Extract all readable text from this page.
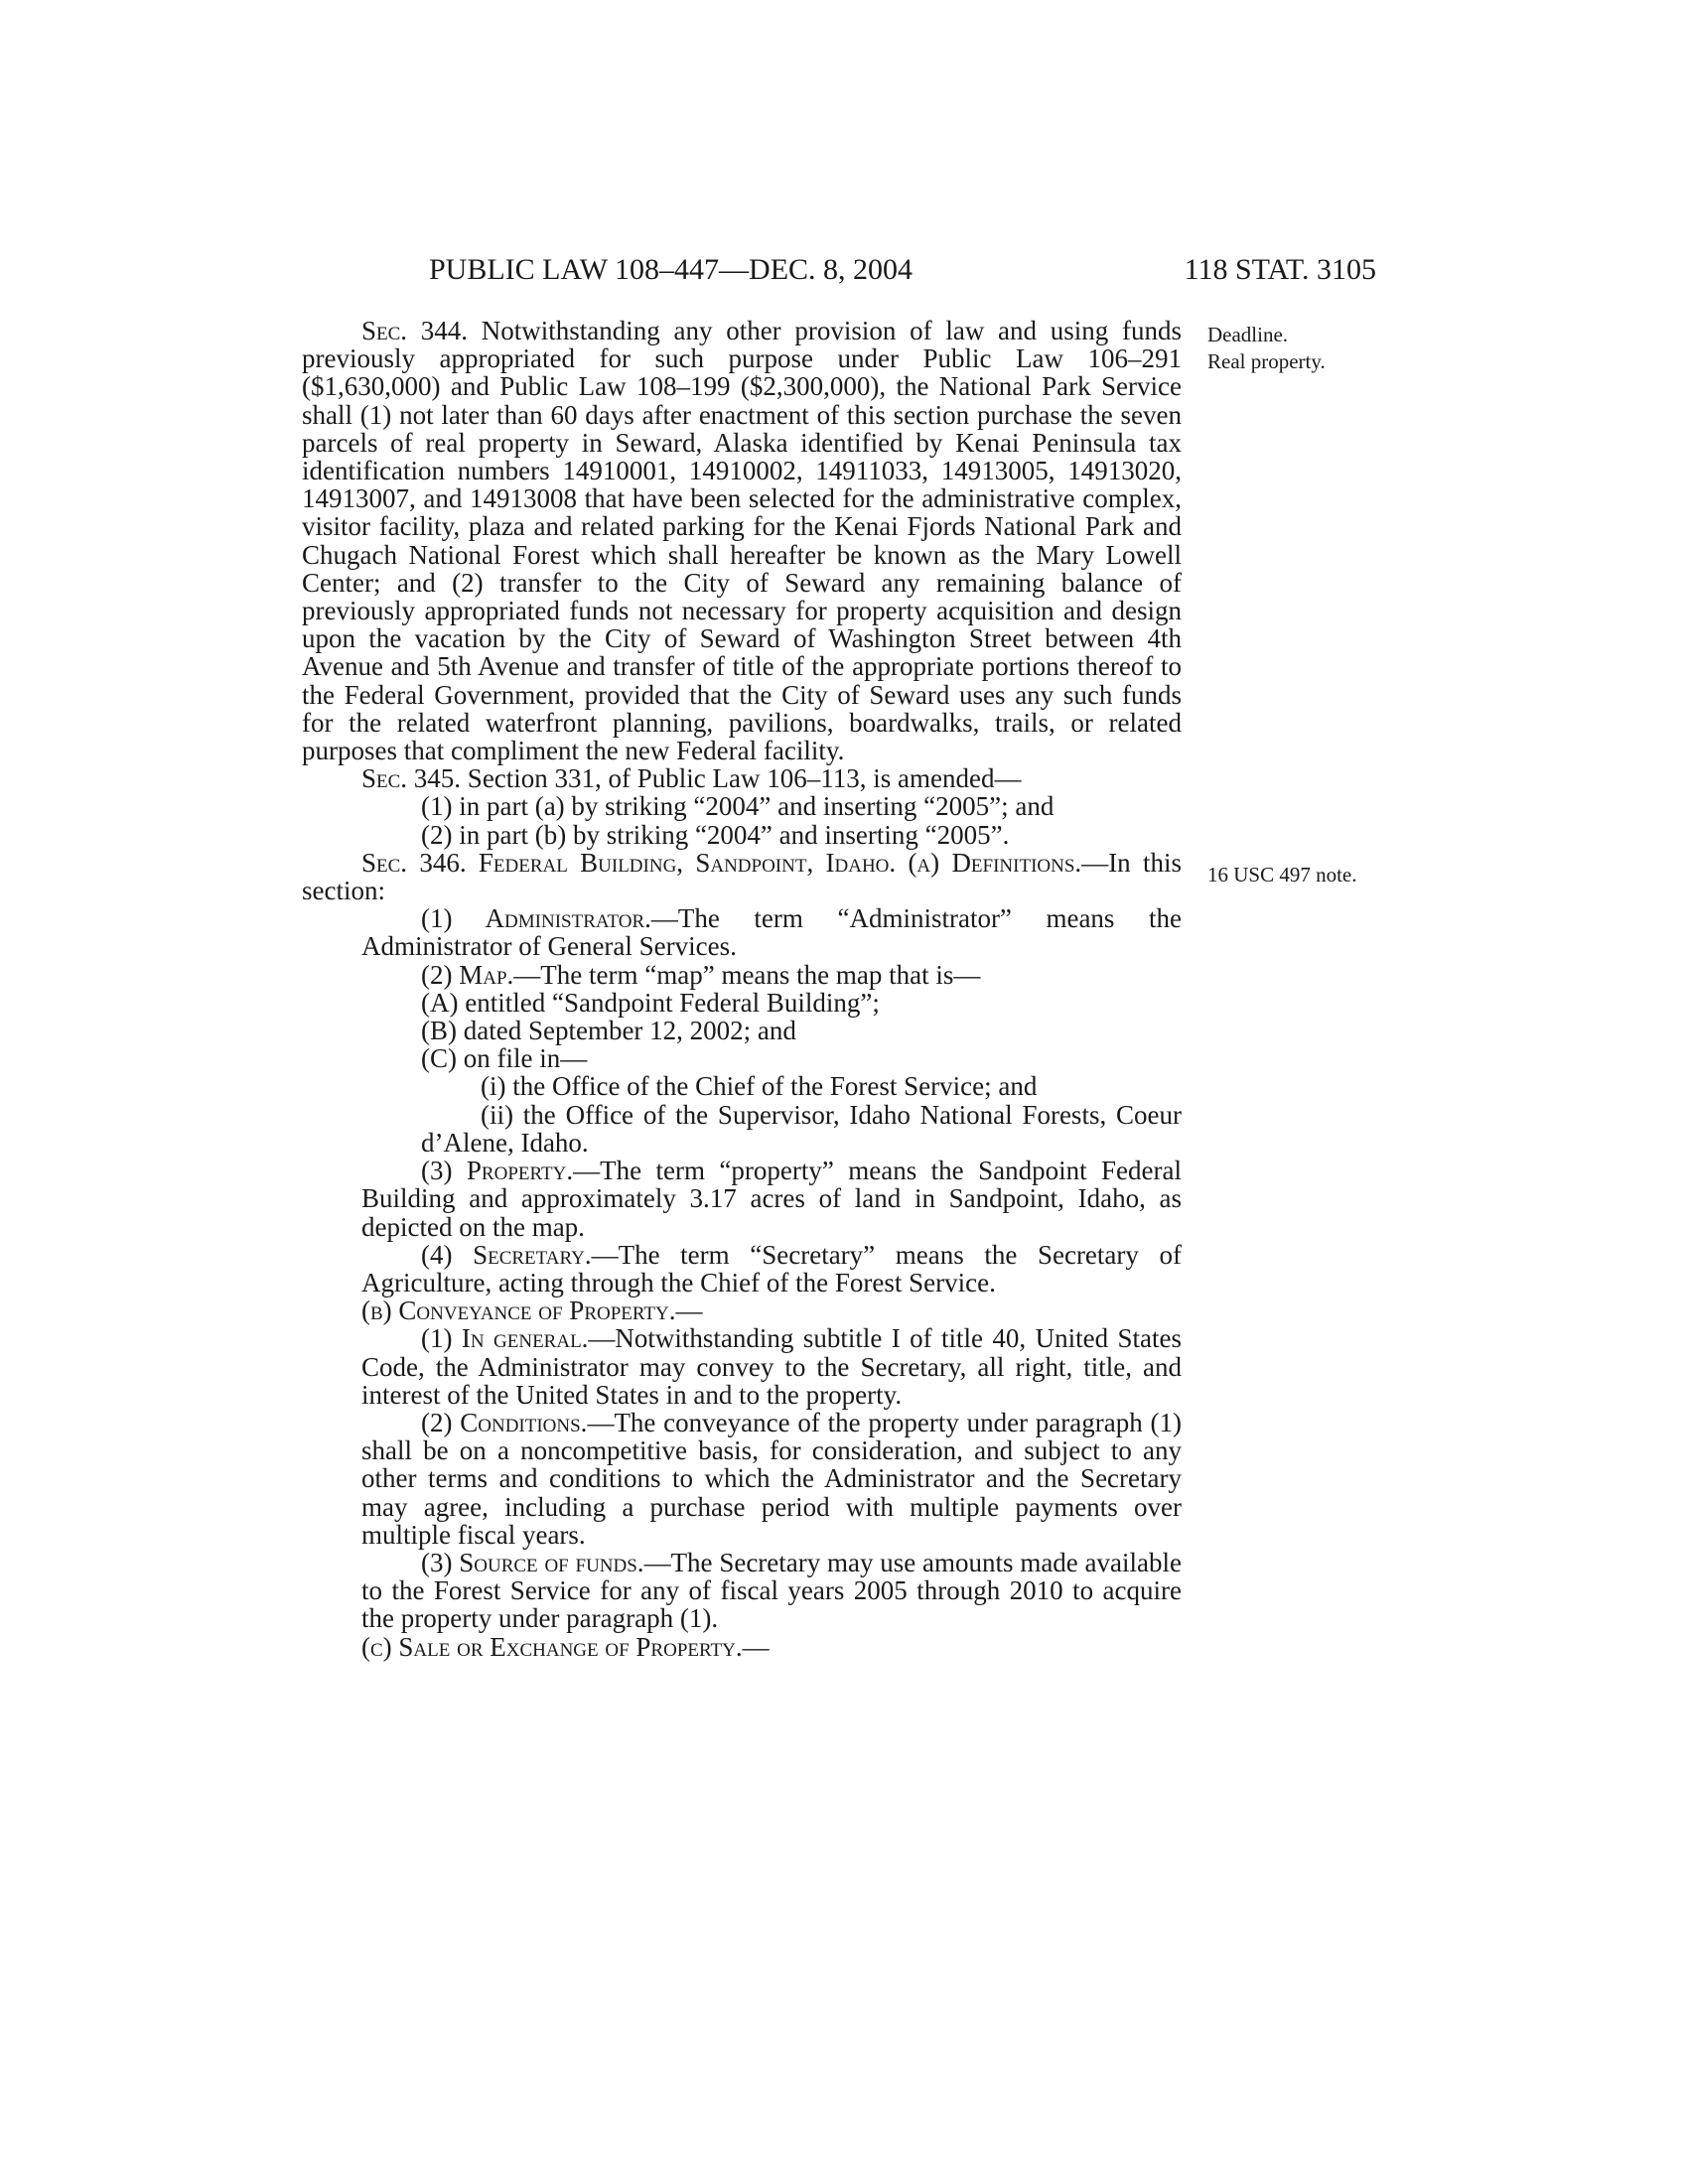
PUBLIC LAW 108–447—DEC. 8, 2004	118 STAT. 3105
Deadline.
Real property.
16 USC 497 note.

Sec. 344. Notwithstanding any other provision of law and using funds previously appropriated for such purpose under Public Law 106–291 ($1,630,000) and Public Law 108–199 ($2,300,000), the National Park Service shall (1) not later than 60 days after enactment of this section purchase the seven parcels of real property in Seward, Alaska identified by Kenai Peninsula tax identification numbers 14910001, 14910002, 14911033, 14913005, 14913020, 14913007, and 14913008 that have been selected for the administrative complex, visitor facility, plaza and related parking for the Kenai Fjords National Park and Chugach National Forest which shall hereafter be known as the Mary Lowell Center; and (2) transfer to the City of Seward any remaining balance of previously appropriated funds not necessary for property acquisition and design upon the vacation by the City of Seward of Washington Street between 4th Avenue and 5th Avenue and transfer of title of the appropriate portions thereof to the Federal Government, provided that the City of Seward uses any such funds for the related waterfront planning, pavilions, boardwalks, trails, or related purposes that compliment the new Federal facility.

Sec. 345. Section 331, of Public Law 106–113, is amended—

(1) in part (a) by striking “2004” and inserting “2005”; and

(2) in part (b) by striking “2004” and inserting “2005”.

Sec. 346. Federal Building, Sandpoint, Idaho. (a) Definitions.—In this section:

(1) Administrator.—The term “Administrator” means the Administrator of General Services.

(2) Map.—The term “map” means the map that is—

(A) entitled “Sandpoint Federal Building”;

(B) dated September 12, 2002; and

(C) on file in—

(i) the Office of the Chief of the Forest Service; and

(ii) the Office of the Supervisor, Idaho National Forests, Coeur d’Alene, Idaho.

(3) Property.—The term “property” means the Sandpoint Federal Building and approximately 3.17 acres of land in Sandpoint, Idaho, as depicted on the map.

(4) Secretary.—The term “Secretary” means the Secretary of Agriculture, acting through the Chief of the Forest Service.

(b) Conveyance of Property.—

(1) In general.—Notwithstanding subtitle I of title 40, United States Code, the Administrator may convey to the Secretary, all right, title, and interest of the United States in and to the property.

(2) Conditions.—The conveyance of the property under paragraph (1) shall be on a noncompetitive basis, for consideration, and subject to any other terms and conditions to which the Administrator and the Secretary may agree, including a purchase period with multiple payments over multiple fiscal years.

(3) Source of funds.—The Secretary may use amounts made available to the Forest Service for any of fiscal years 2005 through 2010 to acquire the property under paragraph (1).

(c) Sale or Exchange of Property.—
